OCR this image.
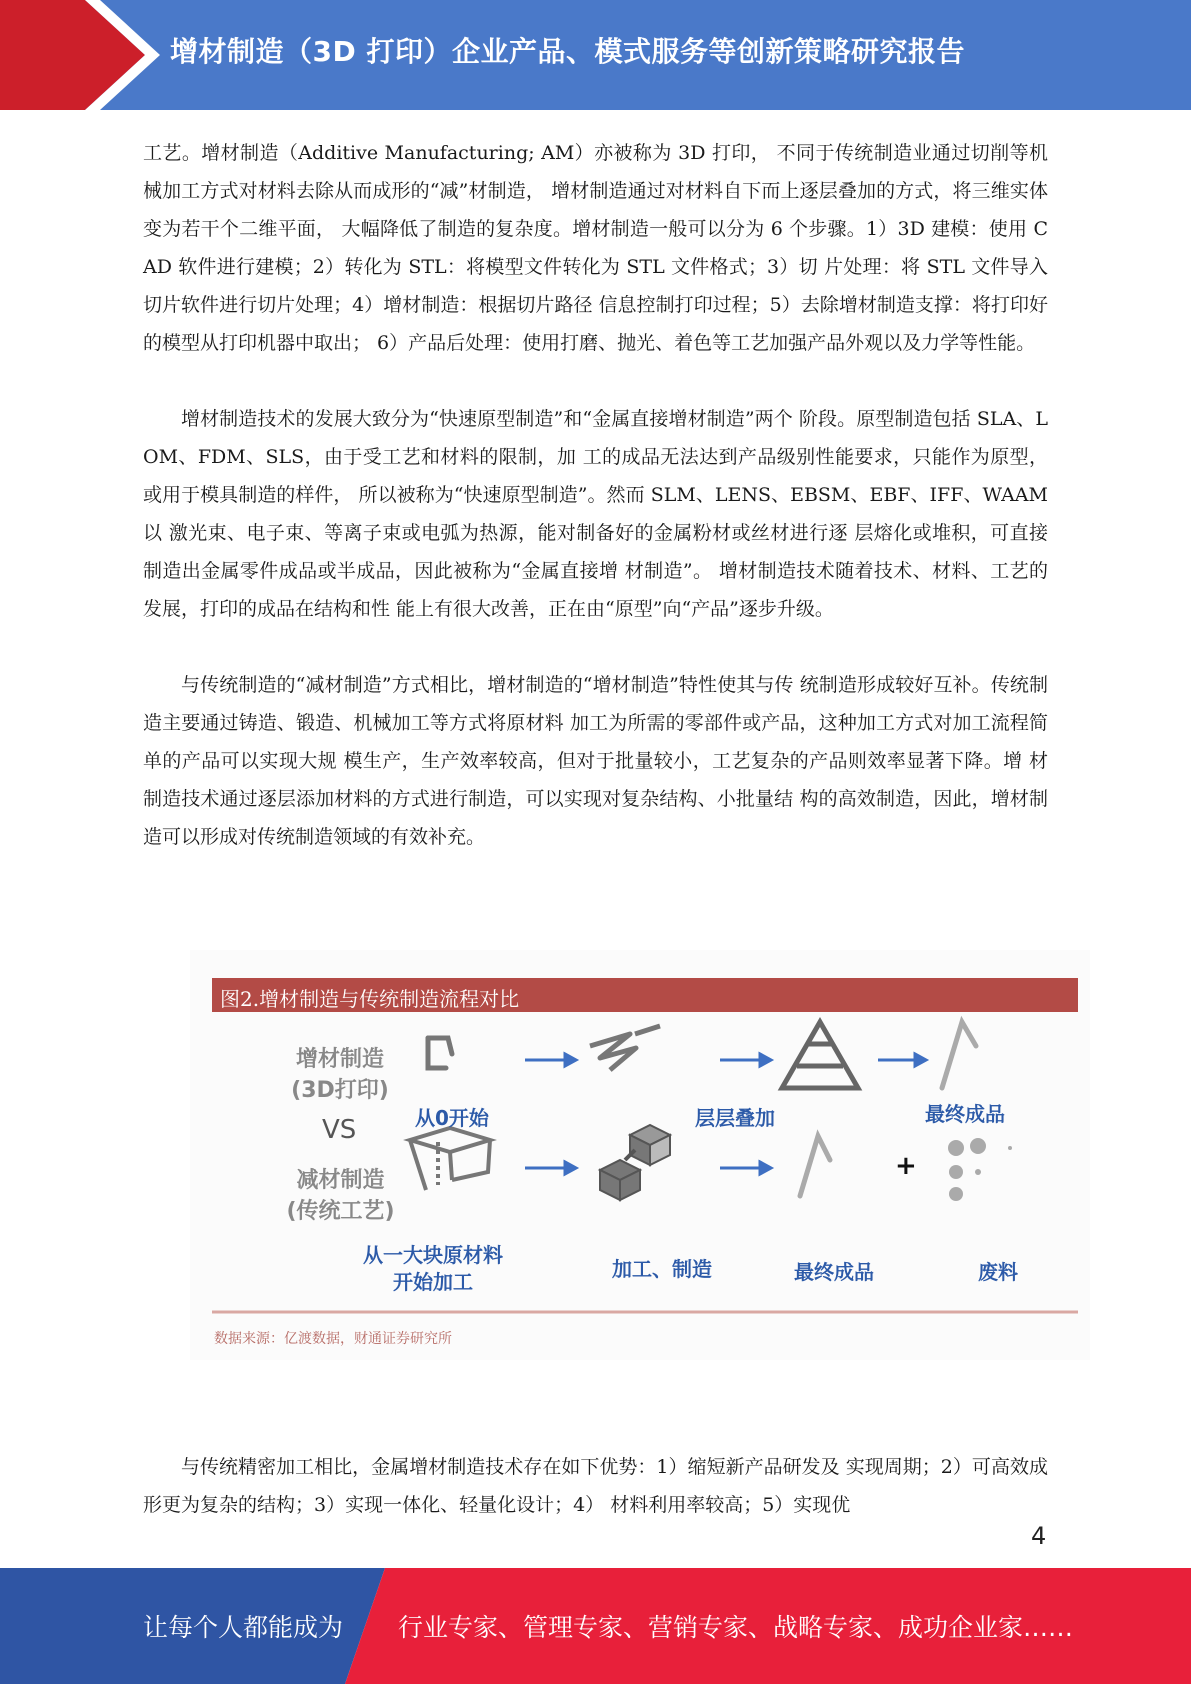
增材制造（3D 打印）企业产品、模式服务等创新策略研究报告

工艺。增材制造（Additive Manufacturing; AM）亦被称为 3D 打印， 不同于传统制造业通过切削等机械加工方式对材料去除从而成形的“减”材制造， 增材制造通过对材料自下而上逐层叠加的方式，将三维实体变为若干个二维平面， 大幅降低了制造的复杂度。增材制造一般可以分为 6 个步骤。1）3D 建模：使用 CAD 软件进行建模；2）转化为 STL：将模型文件转化为 STL 文件格式；3）切 片处理：将 STL 文件导入切片软件进行切片处理；4）增材制造：根据切片路径 信息控制打印过程；5）去除增材制造支撑：将打印好的模型从打印机器中取出； 6）产品后处理：使用打磨、抛光、着色等工艺加强产品外观以及力学等性能。

增材制造技术的发展大致分为“快速原型制造”和“金属直接增材制造”两个 阶段。原型制造包括 SLA、LOM、FDM、SLS，由于受工艺和材料的限制，加 工的成品无法达到产品级别性能要求，只能作为原型，或用于模具制造的样件， 所以被称为“快速原型制造”。然而 SLM、LENS、EBSM、EBF、IFF、WAAM 以 激光束、电子束、等离子束或电弧为热源，能对制备好的金属粉材或丝材进行逐 层熔化或堆积，可直接制造出金属零件成品或半成品，因此被称为“金属直接增 材制造”。 增材制造技术随着技术、材料、工艺的发展，打印的成品在结构和性 能上有很大改善，正在由“原型”向“产品”逐步升级。

与传统制造的“减材制造”方式相比，增材制造的“增材制造”特性使其与传 统制造形成较好互补。传统制造主要通过铸造、锻造、机械加工等方式将原材料 加工为所需的零部件或产品，这种加工方式对加工流程简单的产品可以实现大规 模生产，生产效率较高，但对于批量较小，工艺复杂的产品则效率显著下降。增 材制造技术通过逐层添加材料的方式进行制造，可以实现对复杂结构、小批量结 构的高效制造，因此，增材制造可以形成对传统制造领域的有效补充。

图2.增材制造与传统制造流程对比
增材制造
(3D打印)
VS
减材制造
(传统工艺)
从0开始	层层叠加	最终成品
从一大块原材料
开始加工
加工、制造	最终成品
+
废料
数据来源：亿渡数据，财通证券研究所

与传统精密加工相比，金属增材制造技术存在如下优势：1）缩短新产品研发及 实现周期；2）可高效成形更为复杂的结构；3）实现一体化、轻量化设计；4） 材料利用率较高；5）实现优

4
让每个人都能成为 行业专家、管理专家、营销专家、战略专家、成功企业家……
